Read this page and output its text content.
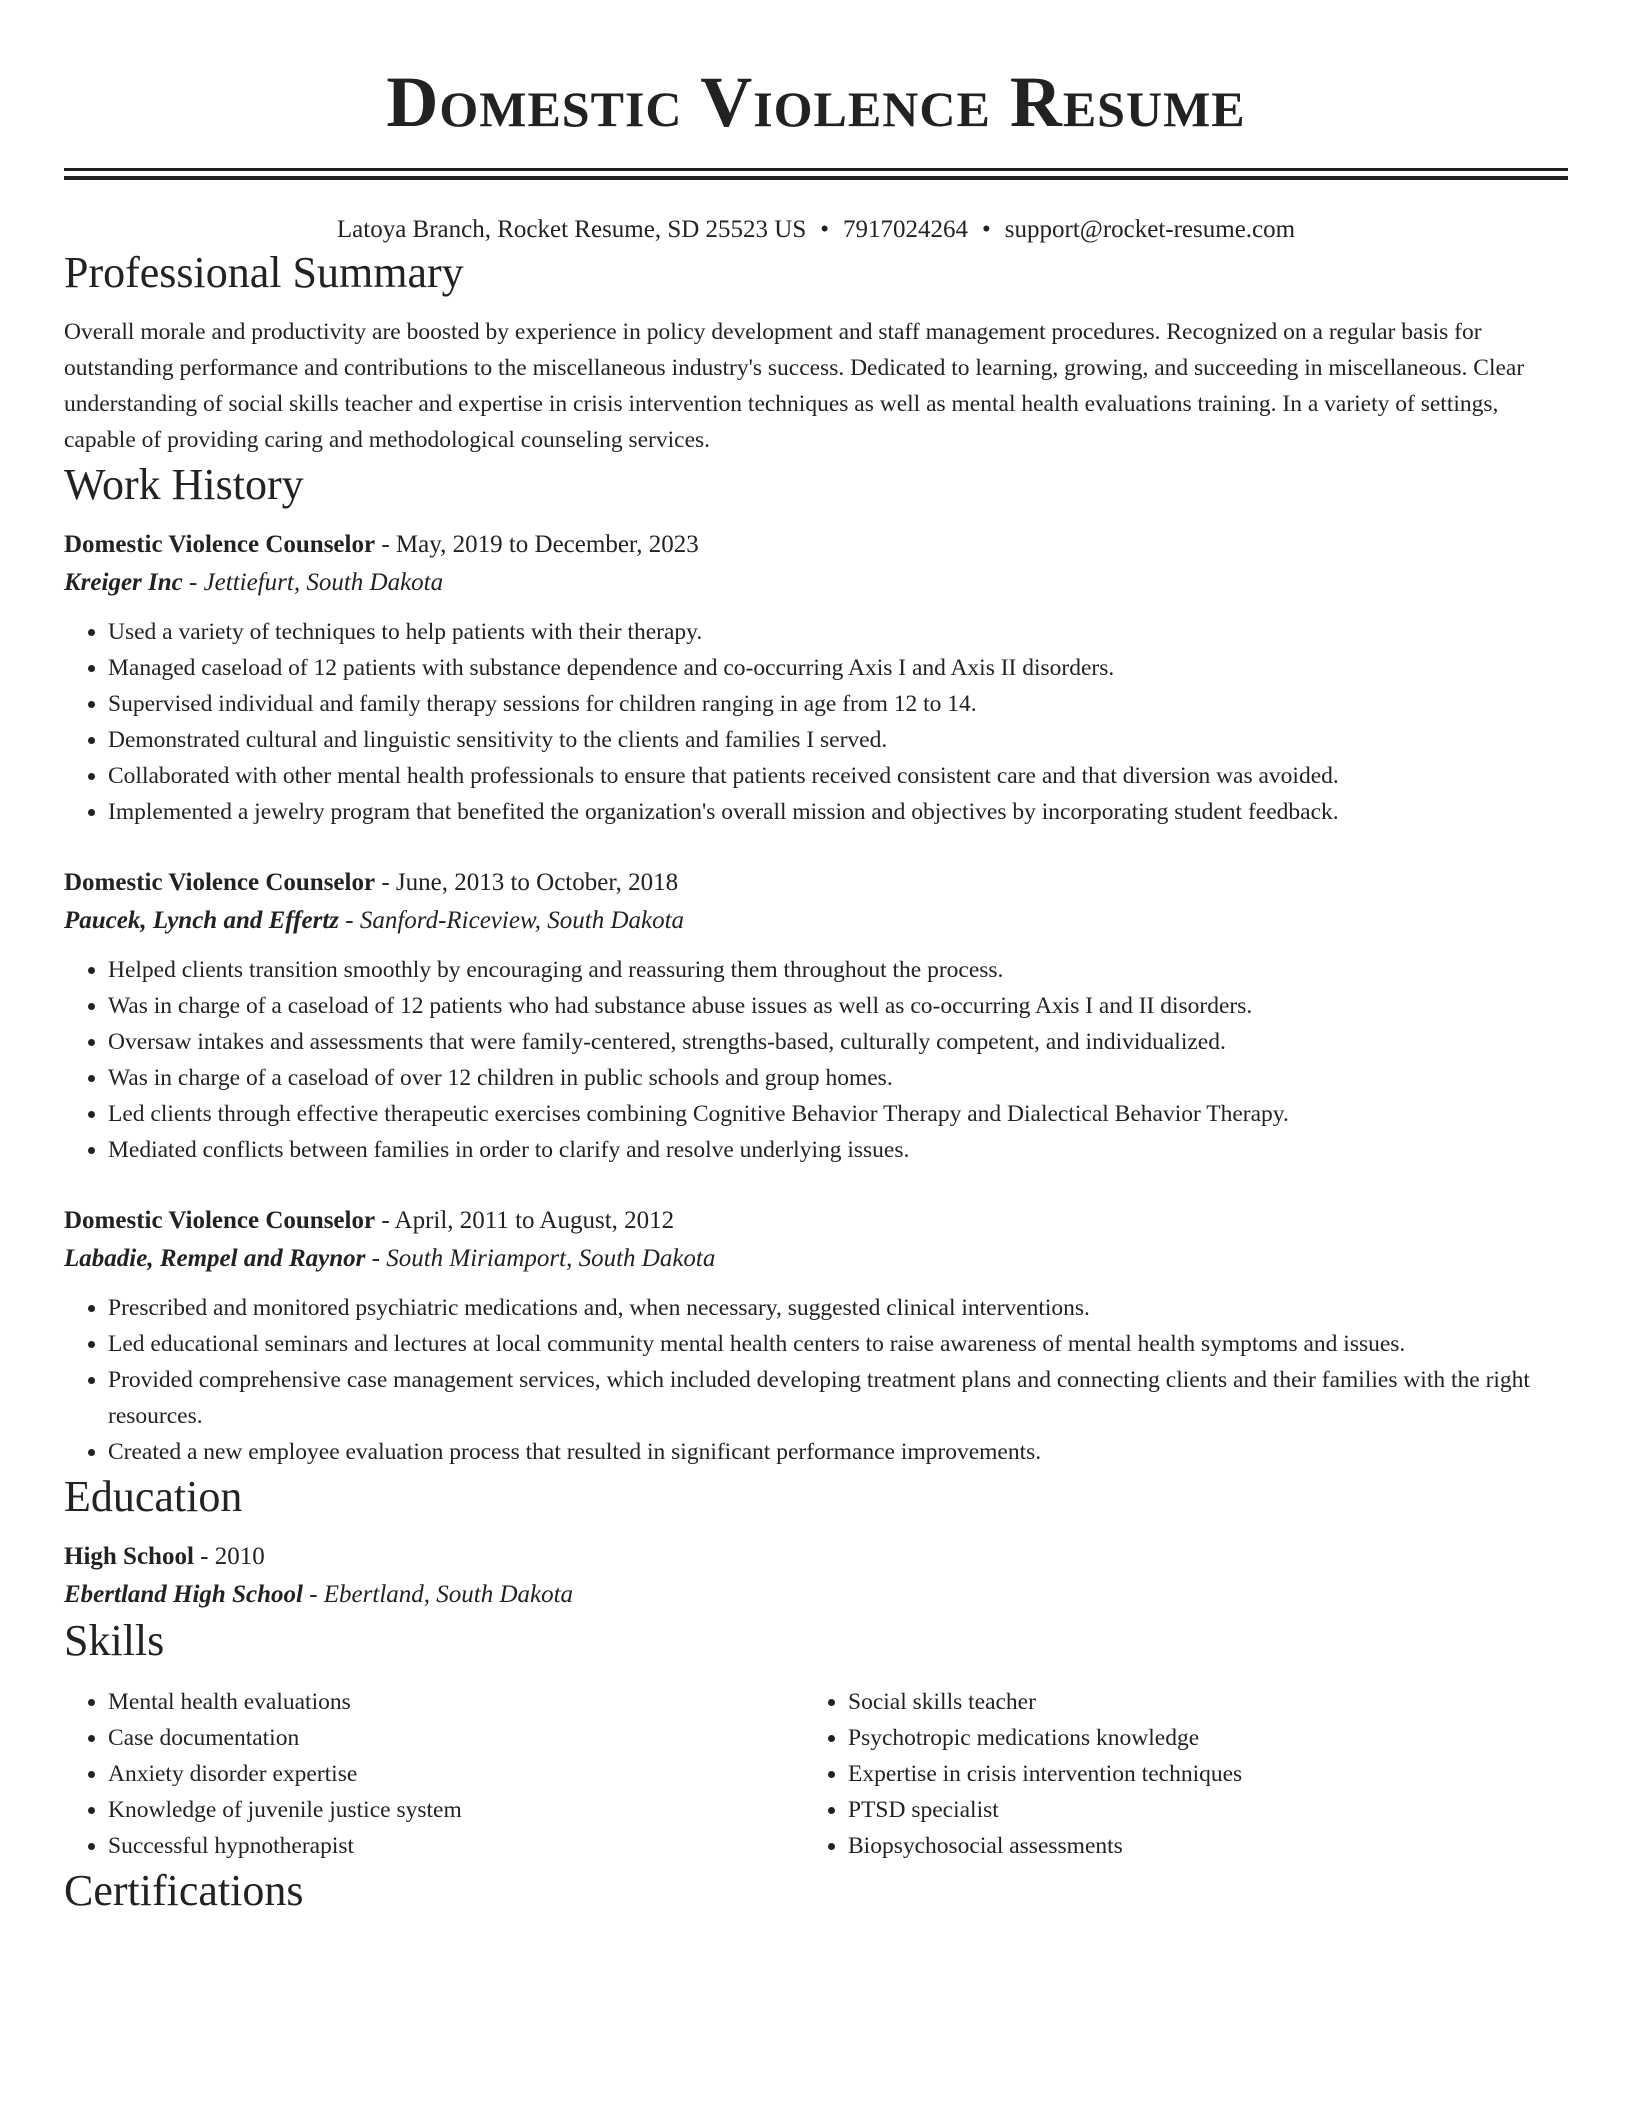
Domestic Violence Resume
Latoya Branch, Rocket Resume, SD 25523 US • 7917024264 • support@rocket-resume.com
Professional Summary
Overall morale and productivity are boosted by experience in policy development and staff management procedures. Recognized on a regular basis for outstanding performance and contributions to the miscellaneous industry's success. Dedicated to learning, growing, and succeeding in miscellaneous. Clear understanding of social skills teacher and expertise in crisis intervention techniques as well as mental health evaluations training. In a variety of settings, capable of providing caring and methodological counseling services.
Work History
Domestic Violence Counselor - May, 2019 to December, 2023
Kreiger Inc - Jettiefurt, South Dakota
• Used a variety of techniques to help patients with their therapy.
• Managed caseload of 12 patients with substance dependence and co-occurring Axis I and Axis II disorders.
• Supervised individual and family therapy sessions for children ranging in age from 12 to 14.
• Demonstrated cultural and linguistic sensitivity to the clients and families I served.
• Collaborated with other mental health professionals to ensure that patients received consistent care and that diversion was avoided.
• Implemented a jewelry program that benefited the organization's overall mission and objectives by incorporating student feedback.
Domestic Violence Counselor - June, 2013 to October, 2018
Paucek, Lynch and Effertz - Sanford-Riceview, South Dakota
• Helped clients transition smoothly by encouraging and reassuring them throughout the process.
• Was in charge of a caseload of 12 patients who had substance abuse issues as well as co-occurring Axis I and II disorders.
• Oversaw intakes and assessments that were family-centered, strengths-based, culturally competent, and individualized.
• Was in charge of a caseload of over 12 children in public schools and group homes.
• Led clients through effective therapeutic exercises combining Cognitive Behavior Therapy and Dialectical Behavior Therapy.
• Mediated conflicts between families in order to clarify and resolve underlying issues.
Domestic Violence Counselor - April, 2011 to August, 2012
Labadie, Rempel and Raynor - South Miriamport, South Dakota
• Prescribed and monitored psychiatric medications and, when necessary, suggested clinical interventions.
• Led educational seminars and lectures at local community mental health centers to raise awareness of mental health symptoms and issues.
• Provided comprehensive case management services, which included developing treatment plans and connecting clients and their families with the right resources.
• Created a new employee evaluation process that resulted in significant performance improvements.
Education
High School - 2010
Ebertland High School - Ebertland, South Dakota
Skills
• Mental health evaluations
• Case documentation
• Anxiety disorder expertise
• Knowledge of juvenile justice system
• Successful hypnotherapist
• Social skills teacher
• Psychotropic medications knowledge
• Expertise in crisis intervention techniques
• PTSD specialist
• Biopsychosocial assessments
Certifications
